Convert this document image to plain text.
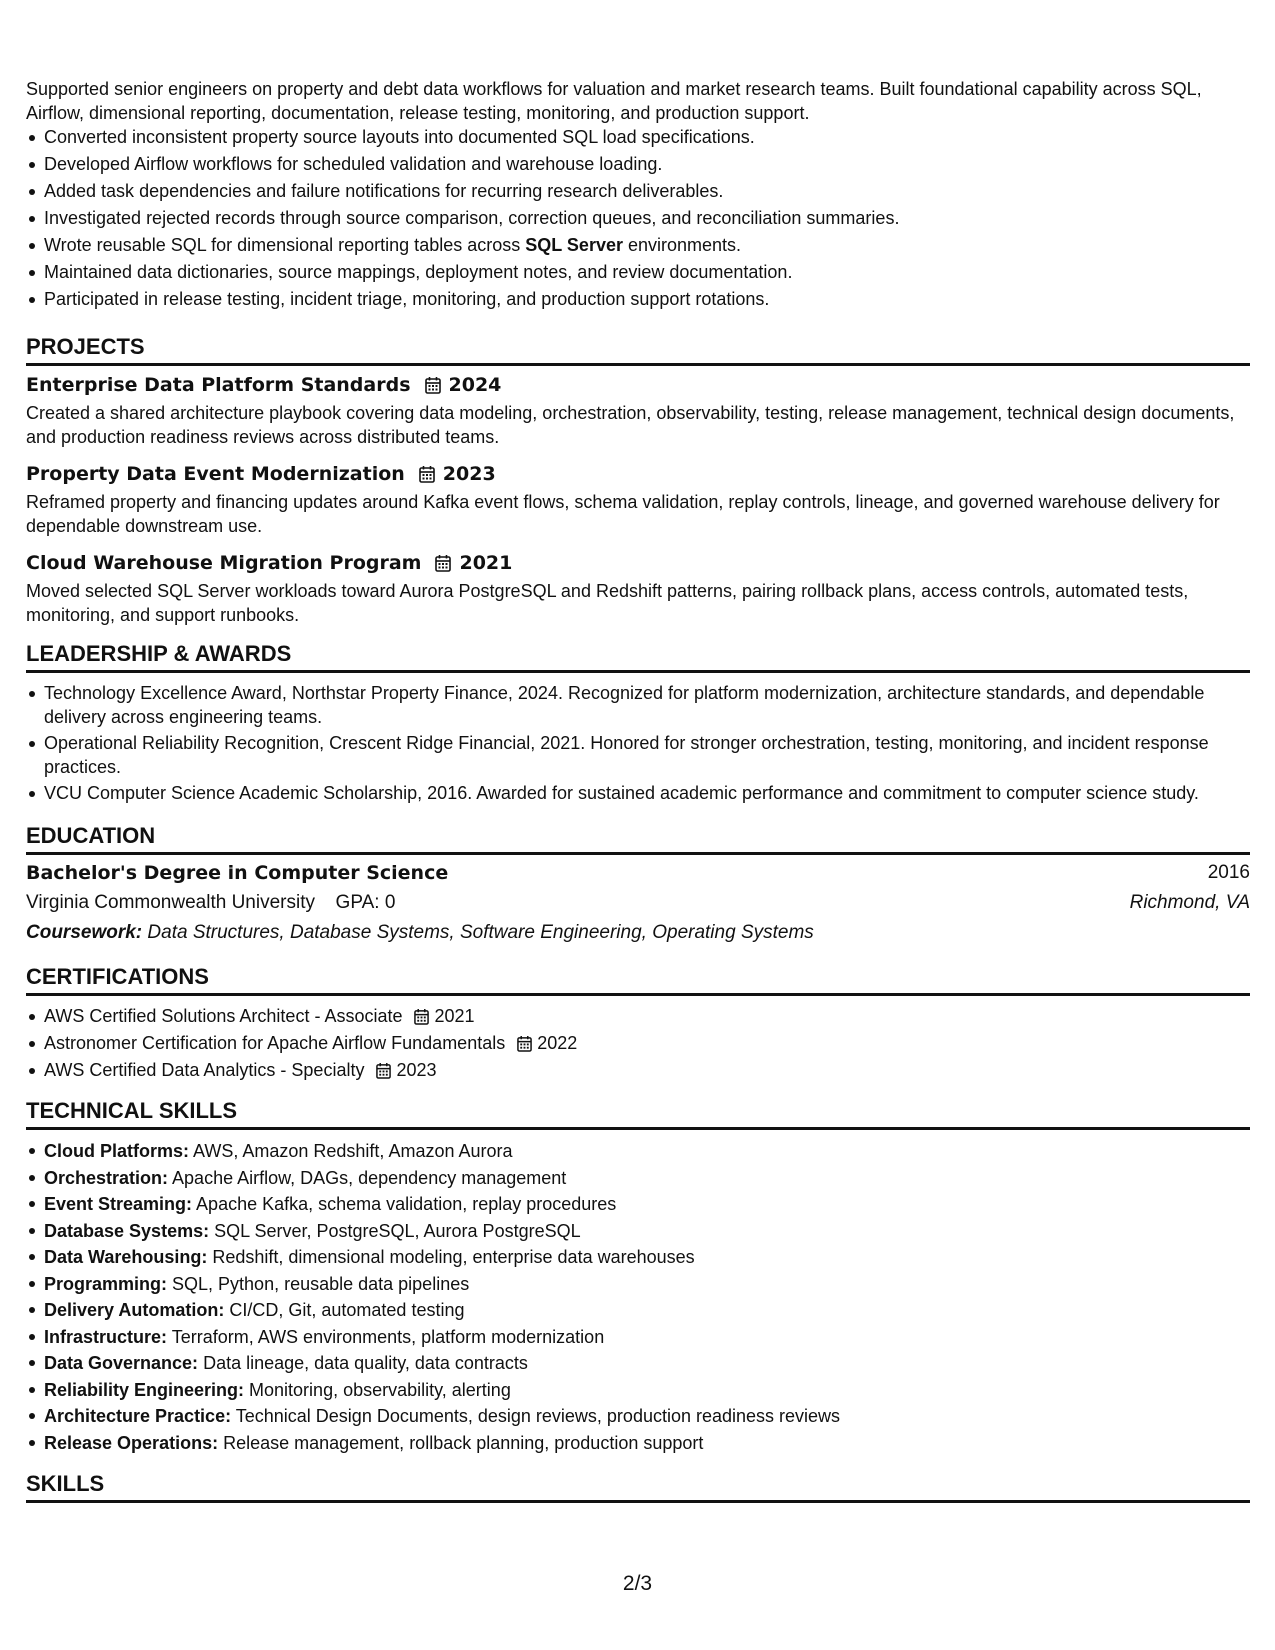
Supported senior engineers on property and debt data workflows for valuation and market research teams. Built foundational capability across SQL, Airflow, dimensional reporting, documentation, release testing, monitoring, and production support.

Converted inconsistent property source layouts into documented SQL load specifications.
Developed Airflow workflows for scheduled validation and warehouse loading.
Added task dependencies and failure notifications for recurring research deliverables.
Investigated rejected records through source comparison, correction queues, and reconciliation summaries.
Wrote reusable SQL for dimensional reporting tables across SQL Server environments.
Maintained data dictionaries, source mappings, deployment notes, and review documentation.
Participated in release testing, incident triage, monitoring, and production support rotations.
PROJECTS
Enterprise Data Platform Standards 2024

Created a shared architecture playbook covering data modeling, orchestration, observability, testing, release management, technical design documents, and production readiness reviews across distributed teams.

Property Data Event Modernization 2023

Reframed property and financing updates around Kafka event flows, schema validation, replay controls, lineage, and governed warehouse delivery for dependable downstream use.

Cloud Warehouse Migration Program 2021

Moved selected SQL Server workloads toward Aurora PostgreSQL and Redshift patterns, pairing rollback plans, access controls, automated tests, monitoring, and support runbooks.

LEADERSHIP & AWARDS
Technology Excellence Award, Northstar Property Finance, 2024. Recognized for platform modernization, architecture standards, and dependable delivery across engineering teams.
Operational Reliability Recognition, Crescent Ridge Financial, 2021. Honored for stronger orchestration, testing, monitoring, and incident response practices.
VCU Computer Science Academic Scholarship, 2016. Awarded for sustained academic performance and commitment to computer science study.
EDUCATION
Bachelor's Degree in Computer Science	2016
Virginia Commonwealth University GPA: 0	Richmond, VA
Coursework: Data Structures, Database Systems, Software Engineering, Operating Systems
CERTIFICATIONS
AWS Certified Solutions Architect - Associate 2021
Astronomer Certification for Apache Airflow Fundamentals 2022
AWS Certified Data Analytics - Specialty 2023
TECHNICAL SKILLS
Cloud Platforms: AWS, Amazon Redshift, Amazon Aurora
Orchestration: Apache Airflow, DAGs, dependency management
Event Streaming: Apache Kafka, schema validation, replay procedures
Database Systems: SQL Server, PostgreSQL, Aurora PostgreSQL
Data Warehousing: Redshift, dimensional modeling, enterprise data warehouses
Programming: SQL, Python, reusable data pipelines
Delivery Automation: CI/CD, Git, automated testing
Infrastructure: Terraform, AWS environments, platform modernization
Data Governance: Data lineage, data quality, data contracts
Reliability Engineering: Monitoring, observability, alerting
Architecture Practice: Technical Design Documents, design reviews, production readiness reviews
Release Operations: Release management, rollback planning, production support
SKILLS
2/3
